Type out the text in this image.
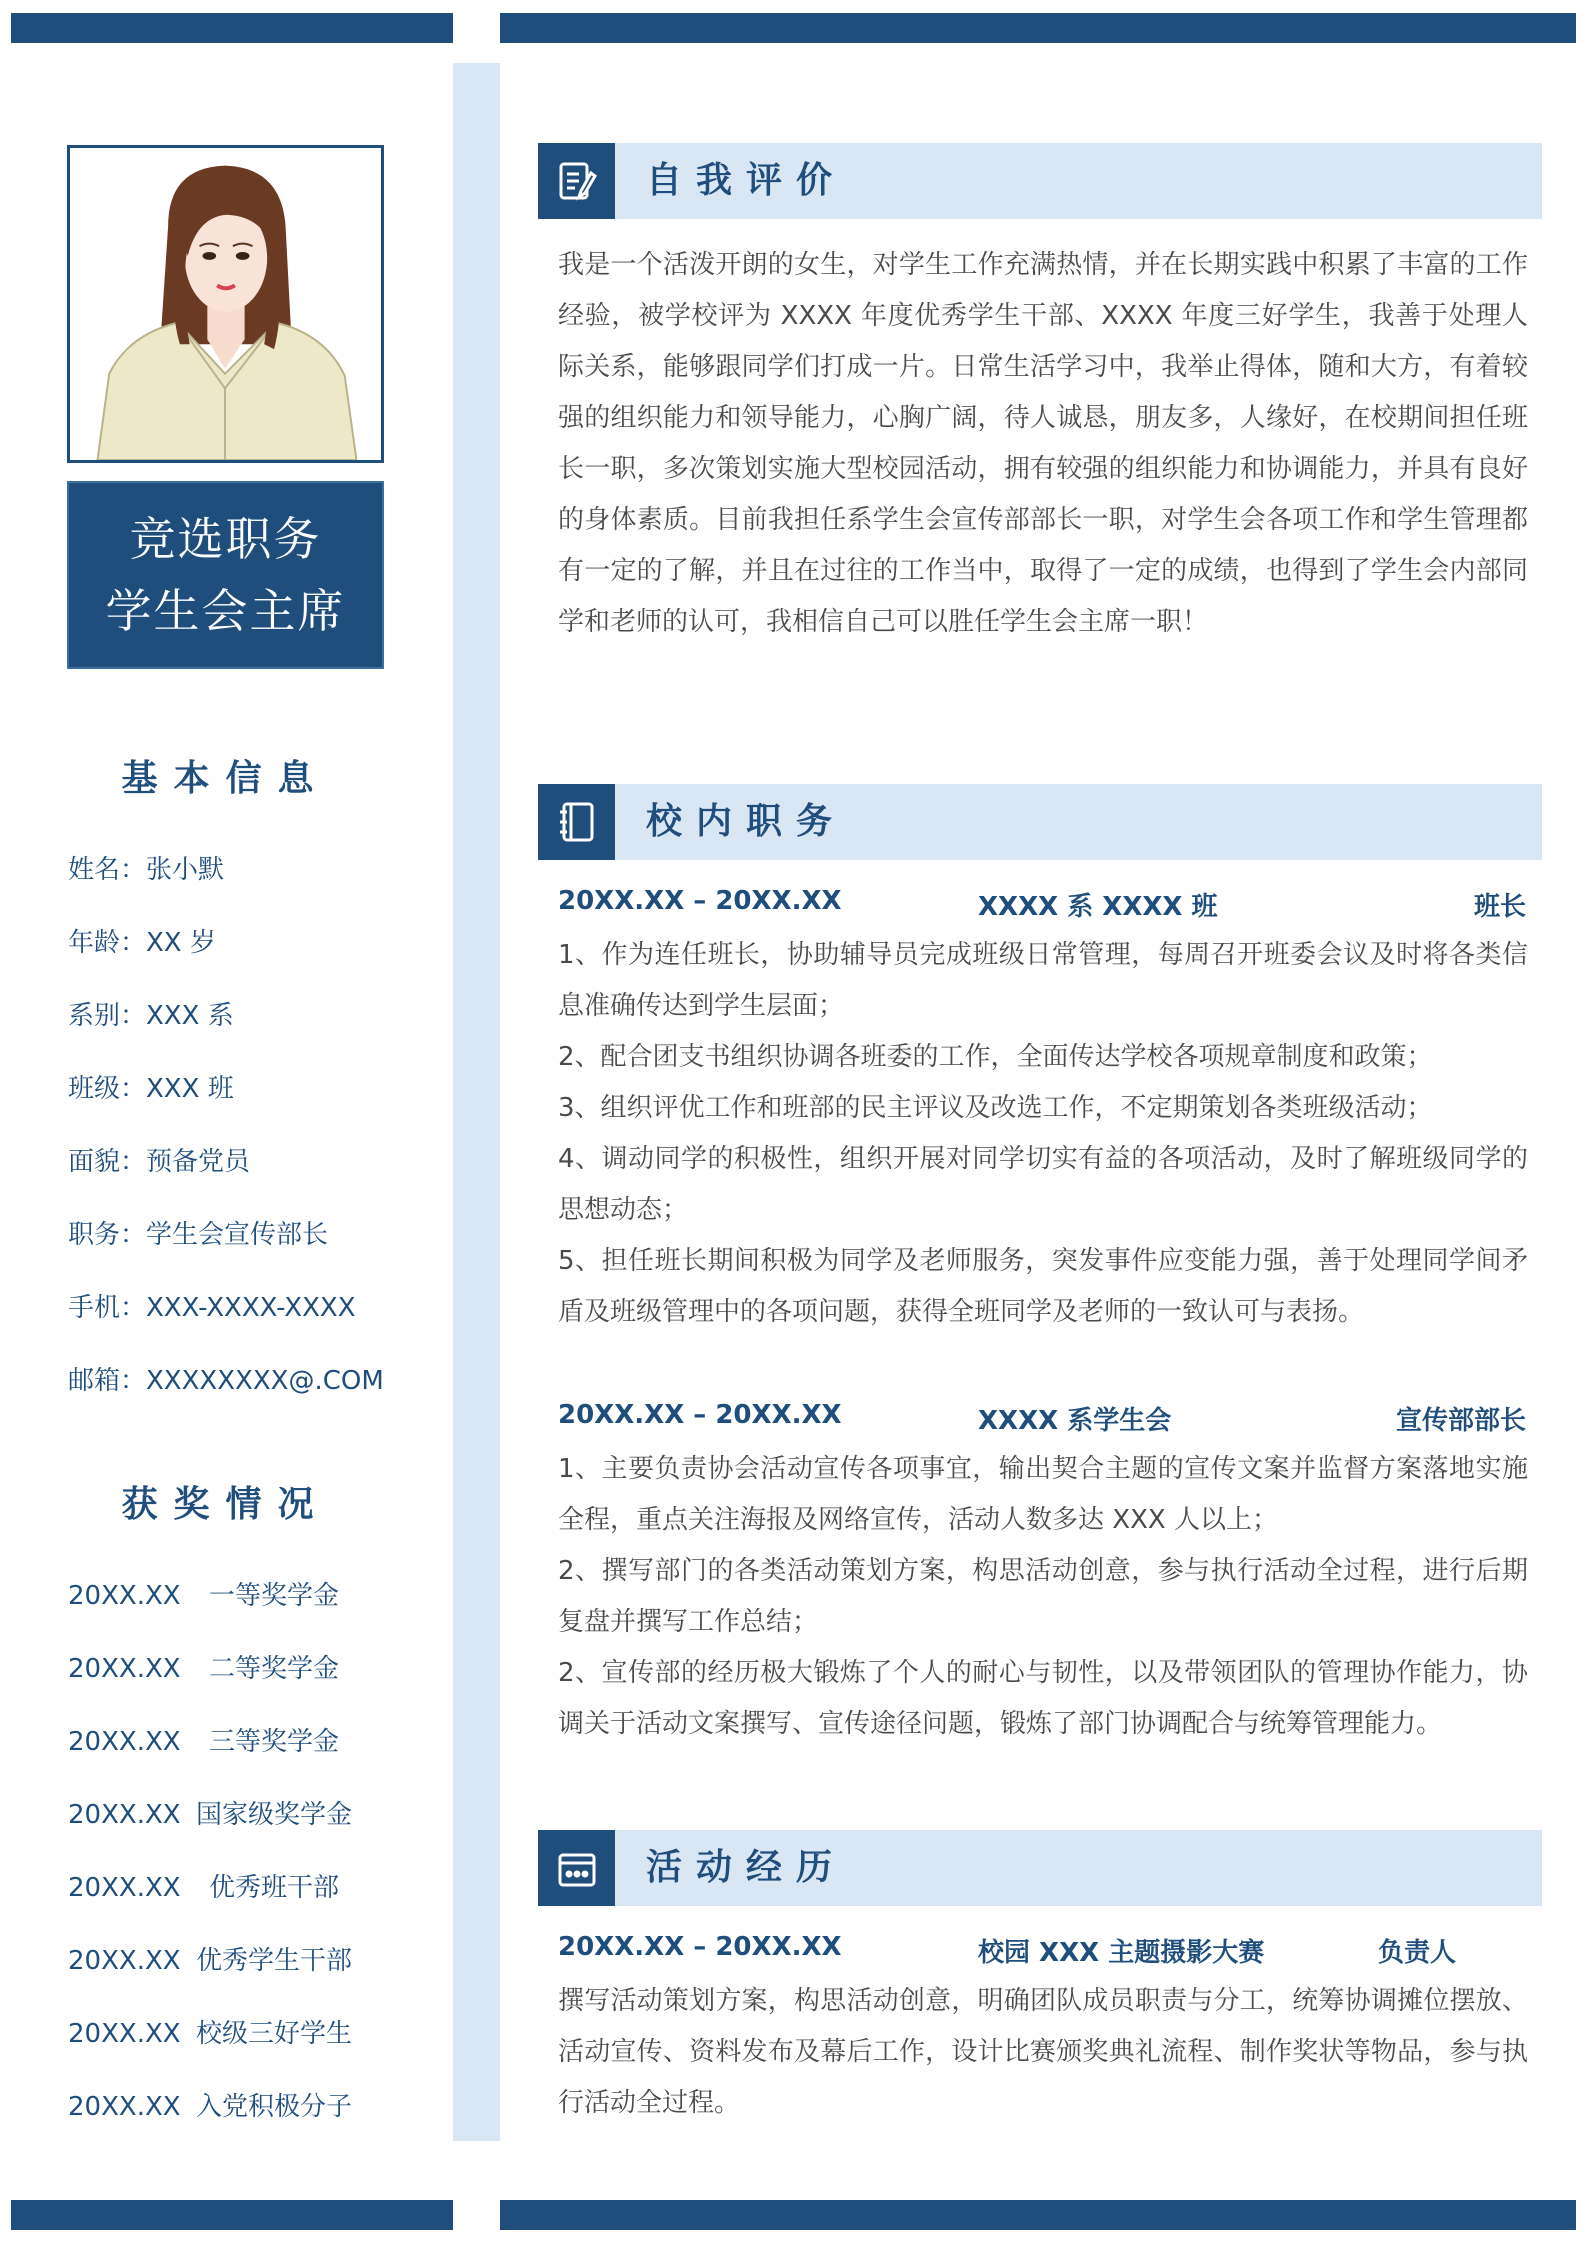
竞选职务
学生会主席
基本信息
姓名：张小默
年龄：XX 岁
系别：XXX 系
班级：XXX 班
面貌：预备党员
职务：学生会宣传部长
手机：XXX-XXXX-XXXX
邮箱：XXXXXXXX@.COM
获奖情况
20XX.XX	一等奖学金
20XX.XX	二等奖学金
20XX.XX	三等奖学金
20XX.XX 国家级奖学金
20XX.XX	优秀班干部
20XX.XX 优秀学生干部
20XX.XX 校级三好学生
20XX.XX 入党积极分子
自我评价
我是一个活泼开朗的女生，对学生工作充满热情，并在长期实践中积累了丰富的工作经验，被学校评为 XXXX 年度优秀学生干部、XXXX 年度三好学生，我善于处理人际关系，能够跟同学们打成一片。日常生活学习中，我举止得体，随和大方，有着较强的组织能力和领导能力，心胸广阔，待人诚恳，朋友多，人缘好，在校期间担任班长一职，多次策划实施大型校园活动，拥有较强的组织能力和协调能力，并具有良好的身体素质。目前我担任系学生会宣传部部长一职，对学生会各项工作和学生管理都有一定的了解，并且在过往的工作当中，取得了一定的成绩，也得到了学生会内部同学和老师的认可，我相信自己可以胜任学生会主席一职！
校内职务
20XX.XX – 20XX.XX	XXXX 系 XXXX 班	班长
1、作为连任班长，协助辅导员完成班级日常管理，每周召开班委会议及时将各类信息准确传达到学生层面；
2、配合团支书组织协调各班委的工作，全面传达学校各项规章制度和政策；
3、组织评优工作和班部的民主评议及改选工作，不定期策划各类班级活动；
4、调动同学的积极性，组织开展对同学切实有益的各项活动，及时了解班级同学的思想动态；
5、担任班长期间积极为同学及老师服务，突发事件应变能力强，善于处理同学间矛盾及班级管理中的各项问题，获得全班同学及老师的一致认可与表扬。
20XX.XX – 20XX.XX	XXXX 系学生会	宣传部部长
1、主要负责协会活动宣传各项事宜，输出契合主题的宣传文案并监督方案落地实施全程，重点关注海报及网络宣传，活动人数多达 XXX 人以上；
2、撰写部门的各类活动策划方案，构思活动创意，参与执行活动全过程，进行后期复盘并撰写工作总结；
2、宣传部的经历极大锻炼了个人的耐心与韧性，以及带领团队的管理协作能力，协调关于活动文案撰写、宣传途径问题，锻炼了部门协调配合与统筹管理能力。
活动经历
20XX.XX – 20XX.XX	校园 XXX 主题摄影大赛	负责人
撰写活动策划方案，构思活动创意，明确团队成员职责与分工，统筹协调摊位摆放、活动宣传、资料发布及幕后工作，设计比赛颁奖典礼流程、制作奖状等物品，参与执行活动全过程。
